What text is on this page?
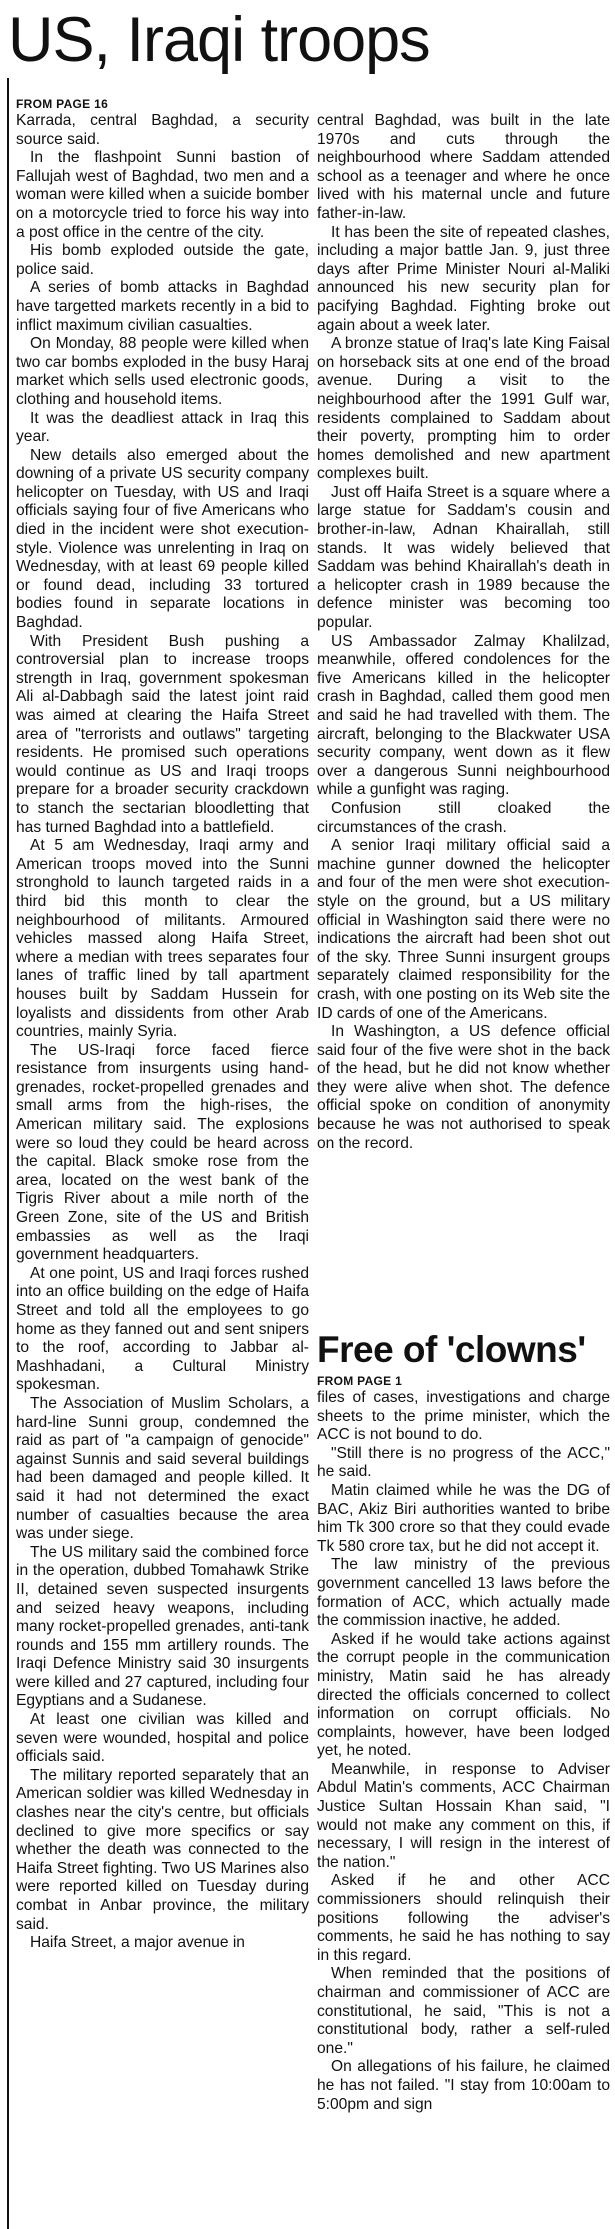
US, Iraqi troops

FROM PAGE 16

Karrada, central Baghdad, a security source said.

In the flashpoint Sunni bastion of Fallujah west of Baghdad, two men and a woman were killed when a suicide bomber on a motorcycle tried to force his way into a post office in the centre of the city.

His bomb exploded outside the gate, police said.

A series of bomb attacks in Baghdad have targetted markets recently in a bid to inflict maximum civilian casualties.

On Monday, 88 people were killed when two car bombs exploded in the busy Haraj market which sells used electronic goods, clothing and household items.

It was the deadliest attack in Iraq this year.

New details also emerged about the downing of a private US security company helicopter on Tuesday, with US and Iraqi officials saying four of five Americans who died in the incident were shot execution-style. Violence was unrelenting in Iraq on Wednesday, with at least 69 people killed or found dead, including 33 tortured bodies found in separate locations in Baghdad.

With President Bush pushing a controversial plan to increase troops strength in Iraq, government spokesman Ali al-Dabbagh said the latest joint raid was aimed at clearing the Haifa Street area of "terrorists and outlaws" targeting residents. He promised such operations would continue as US and Iraqi troops prepare for a broader security crackdown to stanch the sectarian bloodletting that has turned Baghdad into a battlefield.

At 5 am Wednesday, Iraqi army and American troops moved into the Sunni stronghold to launch targeted raids in a third bid this month to clear the neighbourhood of militants. Armoured vehicles massed along Haifa Street, where a median with trees separates four lanes of traffic lined by tall apartment houses built by Saddam Hussein for loyalists and dissidents from other Arab countries, mainly Syria.

The US-Iraqi force faced fierce resistance from insurgents using hand-grenades, rocket-propelled grenades and small arms from the high-rises, the American military said. The explosions were so loud they could be heard across the capital. Black smoke rose from the area, located on the west bank of the Tigris River about a mile north of the Green Zone, site of the US and British embassies as well as the Iraqi government headquarters.

At one point, US and Iraqi forces rushed into an office building on the edge of Haifa Street and told all the employees to go home as they fanned out and sent snipers to the roof, according to Jabbar al-Mashhadani, a Cultural Ministry spokesman.

The Association of Muslim Scholars, a hard-line Sunni group, condemned the raid as part of "a campaign of genocide" against Sunnis and said several buildings had been damaged and people killed. It said it had not determined the exact number of casualties because the area was under siege.

The US military said the combined force in the operation, dubbed Tomahawk Strike II, detained seven suspected insurgents and seized heavy weapons, including many rocket-propelled grenades, anti-tank rounds and 155 mm artillery rounds. The Iraqi Defence Ministry said 30 insurgents were killed and 27 captured, including four Egyptians and a Sudanese.

At least one civilian was killed and seven were wounded, hospital and police officials said.

The military reported separately that an American soldier was killed Wednesday in clashes near the city's centre, but officials declined to give more specifics or say whether the death was connected to the Haifa Street fighting. Two US Marines also were reported killed on Tuesday during combat in Anbar province, the military said.

Haifa Street, a major avenue in

central Baghdad, was built in the late 1970s and cuts through the neighbourhood where Saddam attended school as a teenager and where he once lived with his maternal uncle and future father-in-law.

It has been the site of repeated clashes, including a major battle Jan. 9, just three days after Prime Minister Nouri al-Maliki announced his new security plan for pacifying Baghdad. Fighting broke out again about a week later.

A bronze statue of Iraq's late King Faisal on horseback sits at one end of the broad avenue. During a visit to the neighbourhood after the 1991 Gulf war, residents complained to Saddam about their poverty, prompting him to order homes demolished and new apartment complexes built.

Just off Haifa Street is a square where a large statue for Saddam's cousin and brother-in-law, Adnan Khairallah, still stands. It was widely believed that Saddam was behind Khairallah's death in a helicopter crash in 1989 because the defence minister was becoming too popular.

US Ambassador Zalmay Khalilzad, meanwhile, offered condolences for the five Americans killed in the helicopter crash in Baghdad, called them good men and said he had travelled with them. The aircraft, belonging to the Blackwater USA security company, went down as it flew over a dangerous Sunni neighbourhood while a gunfight was raging.

Confusion still cloaked the circumstances of the crash.

A senior Iraqi military official said a machine gunner downed the helicopter and four of the men were shot execution-style on the ground, but a US military official in Washington said there were no indications the aircraft had been shot out of the sky. Three Sunni insurgent groups separately claimed responsibility for the crash, with one posting on its Web site the ID cards of one of the Americans.

In Washington, a US defence official said four of the five were shot in the back of the head, but he did not know whether they were alive when shot. The defence official spoke on condition of anonymity because he was not authorised to speak on the record.

Free of 'clowns'

FROM PAGE 1

files of cases, investigations and charge sheets to the prime minister, which the ACC is not bound to do.

"Still there is no progress of the ACC," he said.

Matin claimed while he was the DG of BAC, Akiz Biri authorities wanted to bribe him Tk 300 crore so that they could evade Tk 580 crore tax, but he did not accept it.

The law ministry of the previous government cancelled 13 laws before the formation of ACC, which actually made the commission inactive, he added.

Asked if he would take actions against the corrupt people in the communication ministry, Matin said he has already directed the officials concerned to collect information on corrupt officials. No complaints, however, have been lodged yet, he noted.

Meanwhile, in response to Adviser Abdul Matin's comments, ACC Chairman Justice Sultan Hossain Khan said, "I would not make any comment on this, if necessary, I will resign in the interest of the nation."

Asked if he and other ACC commissioners should relinquish their positions following the adviser's comments, he said he has nothing to say in this regard.

When reminded that the positions of chairman and commissioner of ACC are constitutional, he said, "This is not a constitutional body, rather a self-ruled one."

On allegations of his failure, he claimed he has not failed. "I stay from 10:00am to 5:00pm and sign
